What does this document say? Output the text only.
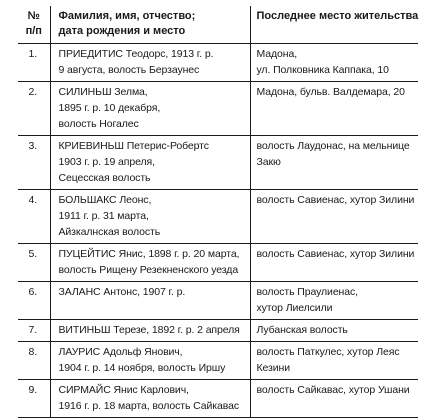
№
п/п	Фамилия, имя, отчество;
дата рождения и место	Последнее место жительства

1.	ПРИЕДИТИС Теодорс, 1913 г. р.
9 августа, волость Берзаунес	Мадона,
ул. Полковника Каппака, 10

2.	СИЛИНЬШ Зелма,
1895 г. р. 10 декабря,
волость Ногалес	Мадона, бульв. Валдемара, 20

3.	КРИЕВИНЬШ Петерис-Робертс
1903 г. р. 19 апреля,
Сецесская волость	волость Лаудонас, на мельнице
Закю

4.	БОЛЬШАКС Леонс,
1911 г. р. 31 марта,
Айзкалнская волость	волость Савиенас, хутор Зилини

5.	ПУЦЕЙТИС Янис, 1898 г. р. 20 марта,
волость Рищену Резекненского уезда	волость Савиенас, хутор Зилини

6.	ЗАЛАНС Антонс, 1907 г. р.	волость Праулиенас,
хутор Лиелсили

7.	ВИТИНЬШ Терезе, 1892 г. р. 2 апреля	Лубанская волость

8.	ЛАУРИС Адольф Янович,
1904 г. р. 14 ноября, волость Иршу	волость Паткулес, хутор Леяс
Кезини

9.	СИРМАЙС Янис Карлович,
1916 г. р. 18 марта, волость Сайкавас	волость Сайкавас, хутор Ушани
